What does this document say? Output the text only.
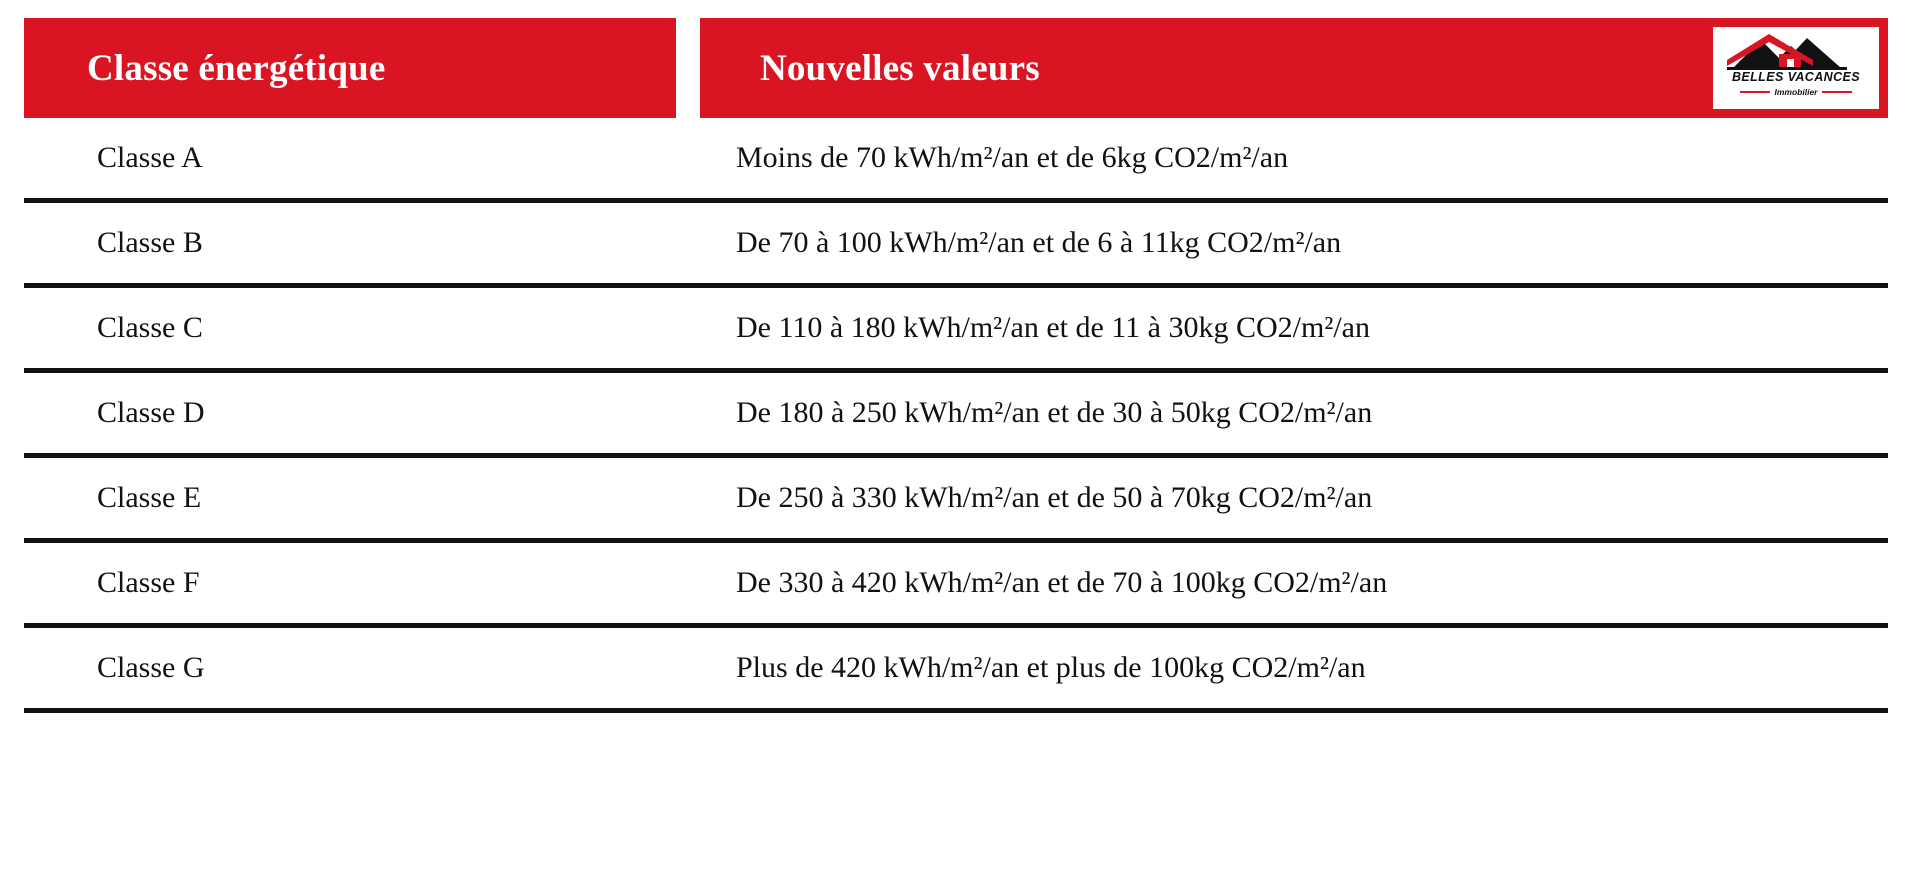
Classe énergétique	Nouvelles valeurs	BELLES VACANCES
Immobilier
Classe A	Moins de 70 kWh/m²/an et de 6kg CO2/m²/an
Classe B	De 70 à 100 kWh/m²/an et de 6 à 11kg CO2/m²/an
Classe C	De 110 à 180 kWh/m²/an et de 11 à 30kg CO2/m²/an
Classe D	De 180 à 250 kWh/m²/an et de 30 à 50kg CO2/m²/an
Classe E	De 250 à 330 kWh/m²/an et de 50 à 70kg CO2/m²/an
Classe F	De 330 à 420 kWh/m²/an et de 70 à 100kg CO2/m²/an
Classe G	Plus de 420 kWh/m²/an et plus de 100kg CO2/m²/an
